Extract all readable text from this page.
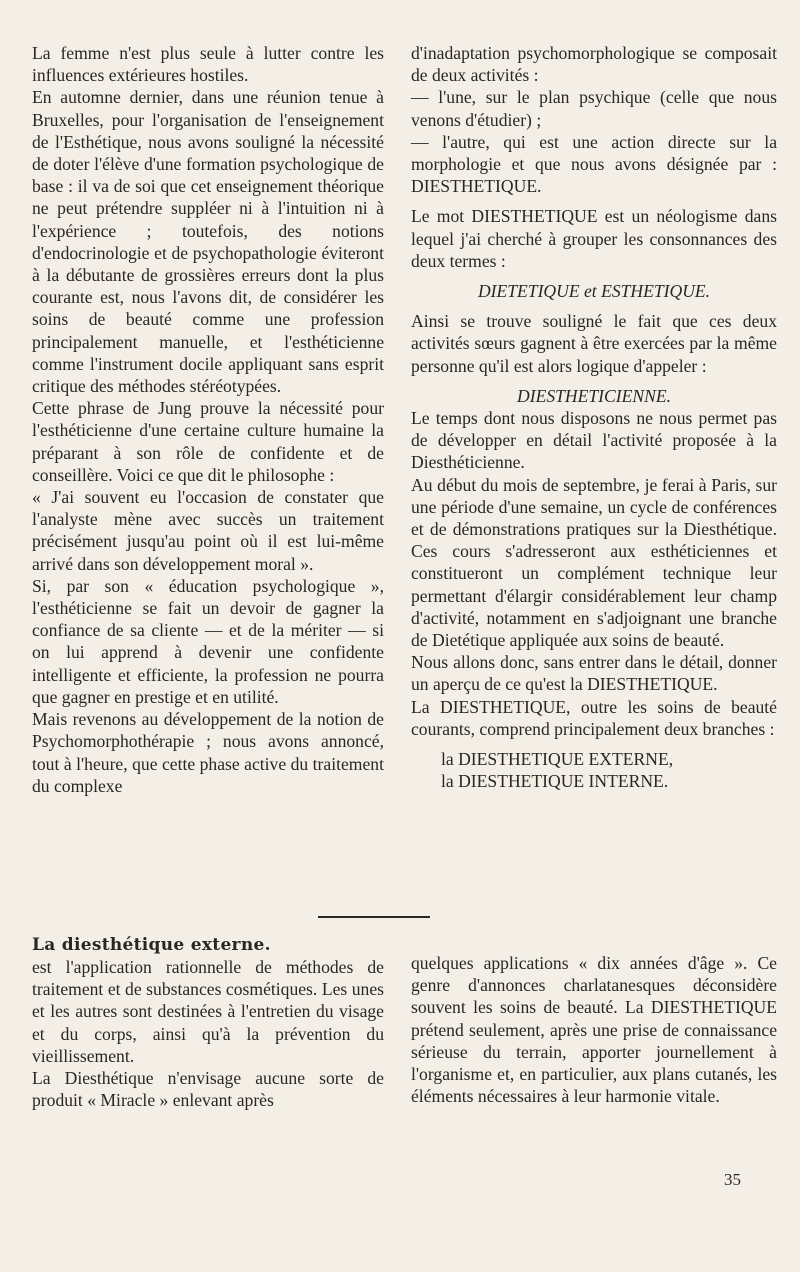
La femme n'est plus seule à lutter contre les influences extérieures hostiles.

En automne dernier, dans une réunion tenue à Bruxelles, pour l'organisation de l'enseignement de l'Esthétique, nous avons souligné la nécessité de doter l'élève d'une formation psychologique de base : il va de soi que cet enseignement théorique ne peut prétendre suppléer ni à l'intuition ni à l'expérience ; toutefois, des notions d'endocrinologie et de psychopathologie éviteront à la débutante de grossières erreurs dont la plus courante est, nous l'avons dit, de considérer les soins de beauté comme une profession principalement manuelle, et l'esthéticienne comme l'instrument docile appliquant sans esprit critique des méthodes stéréotypées.

Cette phrase de Jung prouve la nécessité pour l'esthéticienne d'une certaine culture humaine la préparant à son rôle de confidente et de conseillère. Voici ce que dit le philosophe :

« J'ai souvent eu l'occasion de constater que l'analyste mène avec succès un traitement précisément jusqu'au point où il est lui-même arrivé dans son développement moral ».

Si, par son « éducation psychologique », l'esthéticienne se fait un devoir de gagner la confiance de sa cliente — et de la mériter — si on lui apprend à devenir une confidente intelligente et efficiente, la profession ne pourra que gagner en prestige et en utilité.

Mais revenons au développement de la notion de Psychomorphothérapie ; nous avons annoncé, tout à l'heure, que cette phase active du traitement du complexe

d'inadaptation psychomorphologique se composait de deux activités :

— l'une, sur le plan psychique (celle que nous venons d'étudier) ;

— l'autre, qui est une action directe sur la morphologie et que nous avons désignée par : DIESTHETIQUE.

Le mot DIESTHETIQUE est un néologisme dans lequel j'ai cherché à grouper les consonnances des deux termes :

DIETETIQUE et ESTHETIQUE.

Ainsi se trouve souligné le fait que ces deux activités sœurs gagnent à être exercées par la même personne qu'il est alors logique d'appeler :

DIESTHETICIENNE.

Le temps dont nous disposons ne nous permet pas de développer en détail l'activité proposée à la Diesthéticienne.

Au début du mois de septembre, je ferai à Paris, sur une période d'une semaine, un cycle de conférences et de démonstrations pratiques sur la Diesthétique. Ces cours s'adresseront aux esthéticiennes et constitueront un complément technique leur permettant d'élargir considérablement leur champ d'activité, notamment en s'adjoignant une branche de Dietétique appliquée aux soins de beauté.

Nous allons donc, sans entrer dans le détail, donner un aperçu de ce qu'est la DIESTHETIQUE.

La DIESTHETIQUE, outre les soins de beauté courants, comprend principalement deux branches :

la DIESTHETIQUE EXTERNE,

la DIESTHETIQUE INTERNE.

La diesthétique externe.

est l'application rationnelle de méthodes de traitement et de substances cosmétiques. Les unes et les autres sont destinées à l'entretien du visage et du corps, ainsi qu'à la prévention du vieillissement.

La Diesthétique n'envisage aucune sorte de produit « Miracle » enlevant après

quelques applications « dix années d'âge ». Ce genre d'annonces charlatanesques déconsidère souvent les soins de beauté. La DIESTHETIQUE prétend seulement, après une prise de connaissance sérieuse du terrain, apporter journellement à l'organisme et, en particulier, aux plans cutanés, les éléments nécessaires à leur harmonie vitale.

35
